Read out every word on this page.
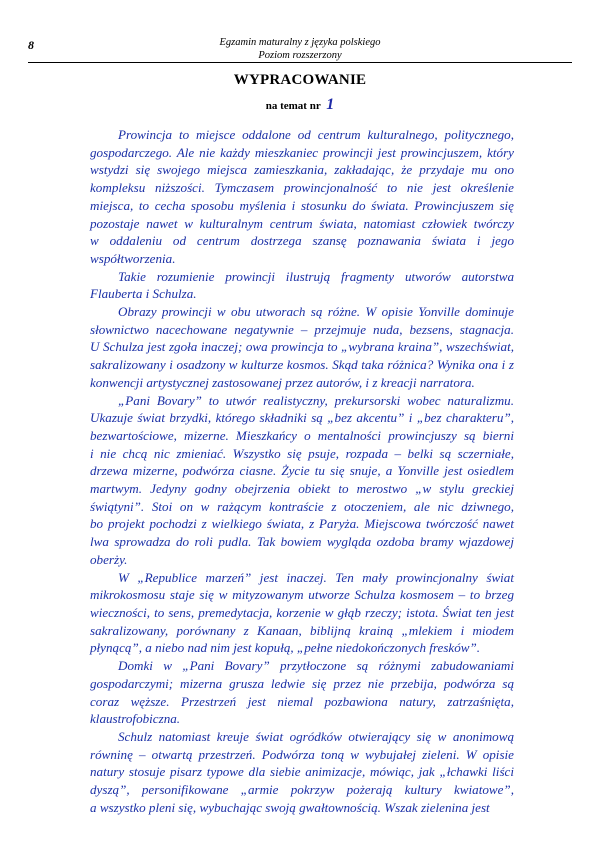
8	Egzamin maturalny z języka polskiego
Poziom rozszerzony
WYPRACOWANIE
na temat nr 1

Prowincja to miejsce oddalone od centrum kulturalnego, politycznego,
gospodarczego. Ale nie każdy mieszkaniec prowincji jest prowincjuszem, który
wstydzi się swojego miejsca zamieszkania, zakładając, że przydaje mu ono
kompleksu niższości. Tymczasem prowincjonalność to nie jest określenie
miejsca, to cecha sposobu myślenia i stosunku do świata. Prowincjuszem się
pozostaje nawet w kulturalnym centrum świata, natomiast człowiek twórczy
w oddaleniu od centrum dostrzega szansę poznawania świata i jego
współtworzenia.

Takie rozumienie prowincji ilustrują fragmenty utworów autorstwa
Flauberta i Schulza.

Obrazy prowincji w obu utworach są różne. W opisie Yonville dominuje
słownictwo nacechowane negatywnie – przejmuje nuda, bezsens, stagnacja.
U Schulza jest zgoła inaczej; owa prowincja to „wybrana kraina”, wszechświat,
sakralizowany i osadzony w kulturze kosmos. Skąd taka różnica? Wynika ona i z
konwencji artystycznej zastosowanej przez autorów, i z kreacji narratora.

„Pani Bovary” to utwór realistyczny, prekursorski wobec naturalizmu.
Ukazuje świat brzydki, którego składniki są „bez akcentu” i „bez charakteru”,
bezwartościowe, mizerne. Mieszkańcy o mentalności prowincjuszy są bierni
i nie chcą nic zmieniać. Wszystko się psuje, rozpada – belki są sczerniałe,
drzewa mizerne, podwórza ciasne. Życie tu się snuje, a Yonville jest osiedlem
martwym. Jedyny godny obejrzenia obiekt to merostwo „w stylu greckiej
świątyni”. Stoi on w rażącym kontraście z otoczeniem, ale nic dziwnego,
bo projekt pochodzi z wielkiego świata, z Paryża. Miejscowa twórczość nawet
lwa sprowadza do roli pudla. Tak bowiem wygląda ozdoba bramy wjazdowej
oberży.

W „Republice marzeń” jest inaczej. Ten mały prowincjonalny świat
mikrokosmosu staje się w mityzowanym utworze Schulza kosmosem – to brzeg
wieczności, to sens, premedytacja, korzenie w głąb rzeczy; istota. Świat ten jest
sakralizowany, porównany z Kanaan, biblijną krainą „mlekiem i miodem
płynącą”, a niebo nad nim jest kopułą, „pełne niedokończonych fresków”.

Domki w „Pani Bovary” przytłoczone są różnymi zabudowaniami
gospodarczymi; mizerna grusza ledwie się przez nie przebija, podwórza są
coraz węższe. Przestrzeń jest niemal pozbawiona natury, zatrzaśnięta,
klaustrofobiczna.

Schulz natomiast kreuje świat ogródków otwierający się w anonimową
równinę – otwartą przestrzeń. Podwórza toną w wybujałej zieleni. W opisie
natury stosuje pisarz typowe dla siebie animizacje, mówiąc, jak „łchawki liści
dyszą”, personifikowane „armie pokrzyw pożerają kultury kwiatowe”,
a wszystko pleni się, wybuchając swoją gwałtownością. Wszak zielenina jest
